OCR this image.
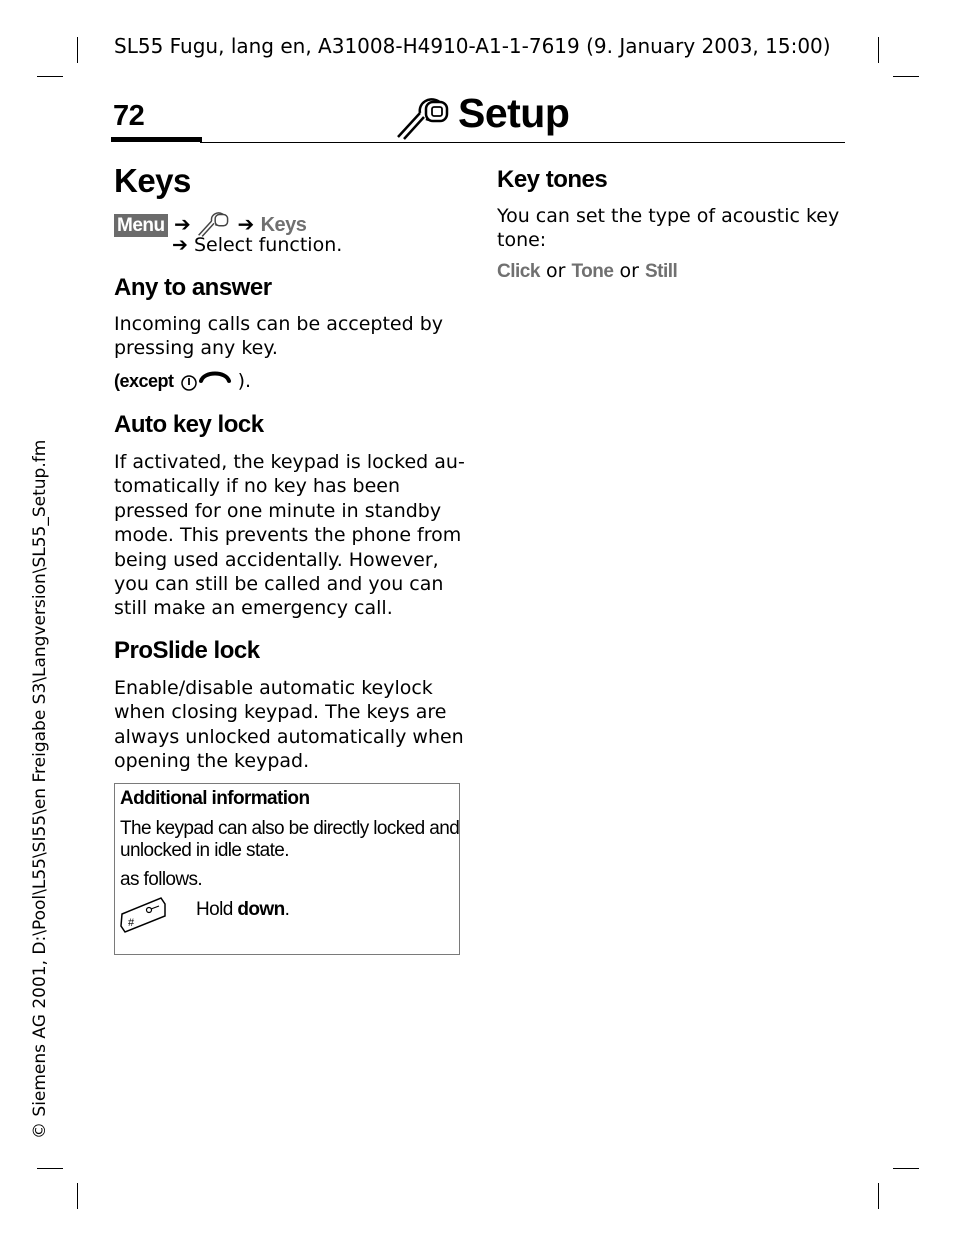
SL55 Fugu, lang en, A31008-H4910-A1-1-7619 (9. January 2003, 15:00)
© Siemens AG 2001, D:\Pool\L55\SI55\en Freigabe S3\Langversion\SL55_Setup.fm
72	Setup
Keys
Menu ➔ ➔ Keys
➔ Select function.
Any to answer
Incoming calls can be accepted by pressing any key.
(except	).
Auto key lock
If activated, the keypad is locked au-
tomatically if no key has been
pressed for one minute in standby
mode. This prevents the phone from
being used accidentally. However,
you can still be called and you can
still make an emergency call.
ProSlide lock
Enable/disable automatic keylock
when closing keypad. The keys are
always unlocked automatically when
opening the keypad.
Additional information
The keypad can also be directly locked and
unlocked in idle state.
as follows.
#
Hold down.
Key tones
You can set the type of acoustic key
tone:
Click or Tone or Still
